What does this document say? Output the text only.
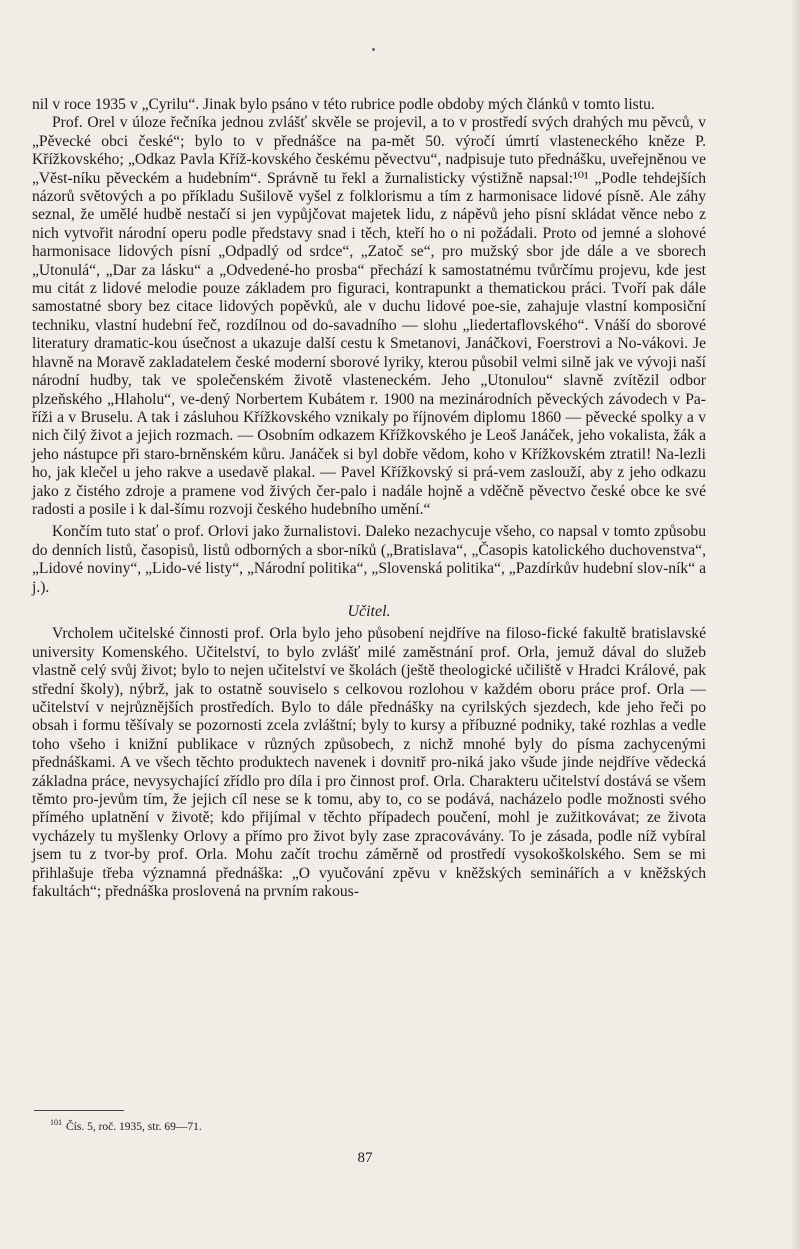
nil v roce 1935 v „Cyrilu“. Jinak bylo psáno v této rubrice podle obdoby mých článků v tomto listu.

Prof. Orel v úloze řečníka jednou zvlášť skvěle se projevil, a to v prostředí svých drahých mu pěvců, v „Pěvecké obci české“; bylo to v přednášce na pa-mět 50. výročí úmrtí vlasteneckého kněze P. Křížkovského; „Odkaz Pavla Kříž-kovského českému pěvectvu“, nadpisuje tuto přednášku, uveřejněnou ve „Věst-níku pěveckém a hudebním“. Správně tu řekl a žurnalisticky výstižně napsal:¹⁰¹ „Podle tehdejších názorů světových a po příkladu Sušilově vyšel z folklorismu a tím z harmonisace lidové písně. Ale záhy seznal, že umělé hudbě nestačí si jen vypůjčovat majetek lidu, z nápěvů jeho písní skládat věnce nebo z nich vytvořit národní operu podle představy snad i těch, kteří ho o ni požádali. Proto od jemné a slohové harmonisace lidových písní „Odpadlý od srdce“, „Zatoč se“, pro mužský sbor jde dále a ve sborech „Utonulá“, „Dar za lásku“ a „Odvedené-ho prosba“ přechází k samostatnému tvůrčímu projevu, kde jest mu citát z lidové melodie pouze základem pro figuraci, kontrapunkt a thematickou práci. Tvoří pak dále samostatné sbory bez citace lidových popěvků, ale v duchu lidové poe-sie, zahajuje vlastní komposiční techniku, vlastní hudební řeč, rozdílnou od do-savadního — slohu „liedertaflovského“. Vnáší do sborové literatury dramatic-kou úsečnost a ukazuje další cestu k Smetanovi, Janáčkovi, Foerstrovi a No-vákovi. Je hlavně na Moravě zakladatelem české moderní sborové lyriky, kterou působil velmi silně jak ve vývoji naší národní hudby, tak ve společenském životě vlasteneckém. Jeho „Utonulou“ slavně zvítězil odbor plzeňského „Hlaholu“, ve-dený Norbertem Kubátem r. 1900 na mezinárodních pěveckých závodech v Pa-říži a v Bruselu. A tak i zásluhou Křížkovského vznikaly po říjnovém diplomu 1860 — pěvecké spolky a v nich čilý život a jejich rozmach. — Osobním odkazem Křížkovského je Leoš Janáček, jeho vokalista, žák a jeho nástupce při staro-brněnském kůru. Janáček si byl dobře vědom, koho v Křížkovském ztratil! Na-lezli ho, jak klečel u jeho rakve a usedavě plakal. — Pavel Křížkovský si prá-vem zaslouží, aby z jeho odkazu jako z čistého zdroje a pramene vod živých čer-palo i nadále hojně a vděčně pěvectvo české obce ke své radosti a posile i k dal-šímu rozvoji českého hudebního umění.“

Končím tuto stať o prof. Orlovi jako žurnalistovi. Daleko nezachycuje všeho, co napsal v tomto způsobu do denních listů, časopisů, listů odborných a sbor-níků („Bratislava“, „Časopis katolického duchovenstva“, „Lidové noviny“, „Lido-vé listy“, „Národní politika“, „Slovenská politika“, „Pazdírkův hudební slov-ník“ a j.).

Učitel.

Vrcholem učitelské činnosti prof. Orla bylo jeho působení nejdříve na filoso-fické fakultě bratislavské university Komenského. Učitelství, to bylo zvlášť milé zaměstnání prof. Orla, jemuž dával do služeb vlastně celý svůj život; bylo to nejen učitelství ve školách (ještě theologické učiliště v Hradci Králové, pak střední školy), nýbrž, jak to ostatně souviselo s celkovou rozlohou v každém oboru práce prof. Orla — učitelství v nejrůznějších prostředích. Bylo to dále přednášky na cyrilských sjezdech, kde jeho řeči po obsah i formu těšívaly se pozornosti zcela zvláštní; byly to kursy a příbuzné podniky, také rozhlas a vedle toho všeho i knižní publikace v různých způsobech, z nichž mnohé byly do písma zachycenými přednáškami. A ve všech těchto produktech navenek i dovnitř pro-niká jako všude jinde nejdříve vědecká základna práce, nevysychající zřídlo pro díla i pro činnost prof. Orla. Charakteru učitelství dostává se všem těmto pro-jevům tím, že jejich cíl nese se k tomu, aby to, co se podává, nacházelo podle možnosti svého přímého uplatnění v životě; kdo přijímal v těchto případech poučení, mohl je zužitkovávat; ze života vycházely tu myšlenky Orlovy a přímo pro život byly zase zpracovávány. To je zásada, podle níž vybíral jsem tu z tvor-by prof. Orla. Mohu začít trochu záměrně od prostředí vysokoškolského. Sem se mi přihlašuje třeba významná přednáška: „O vyučování zpěvu v kněžských seminářích a v kněžských fakultách“; přednáška proslovená na prvním rakous-

$^{101}$ Čís. 5, roč. 1935, str. 69—71.
87
